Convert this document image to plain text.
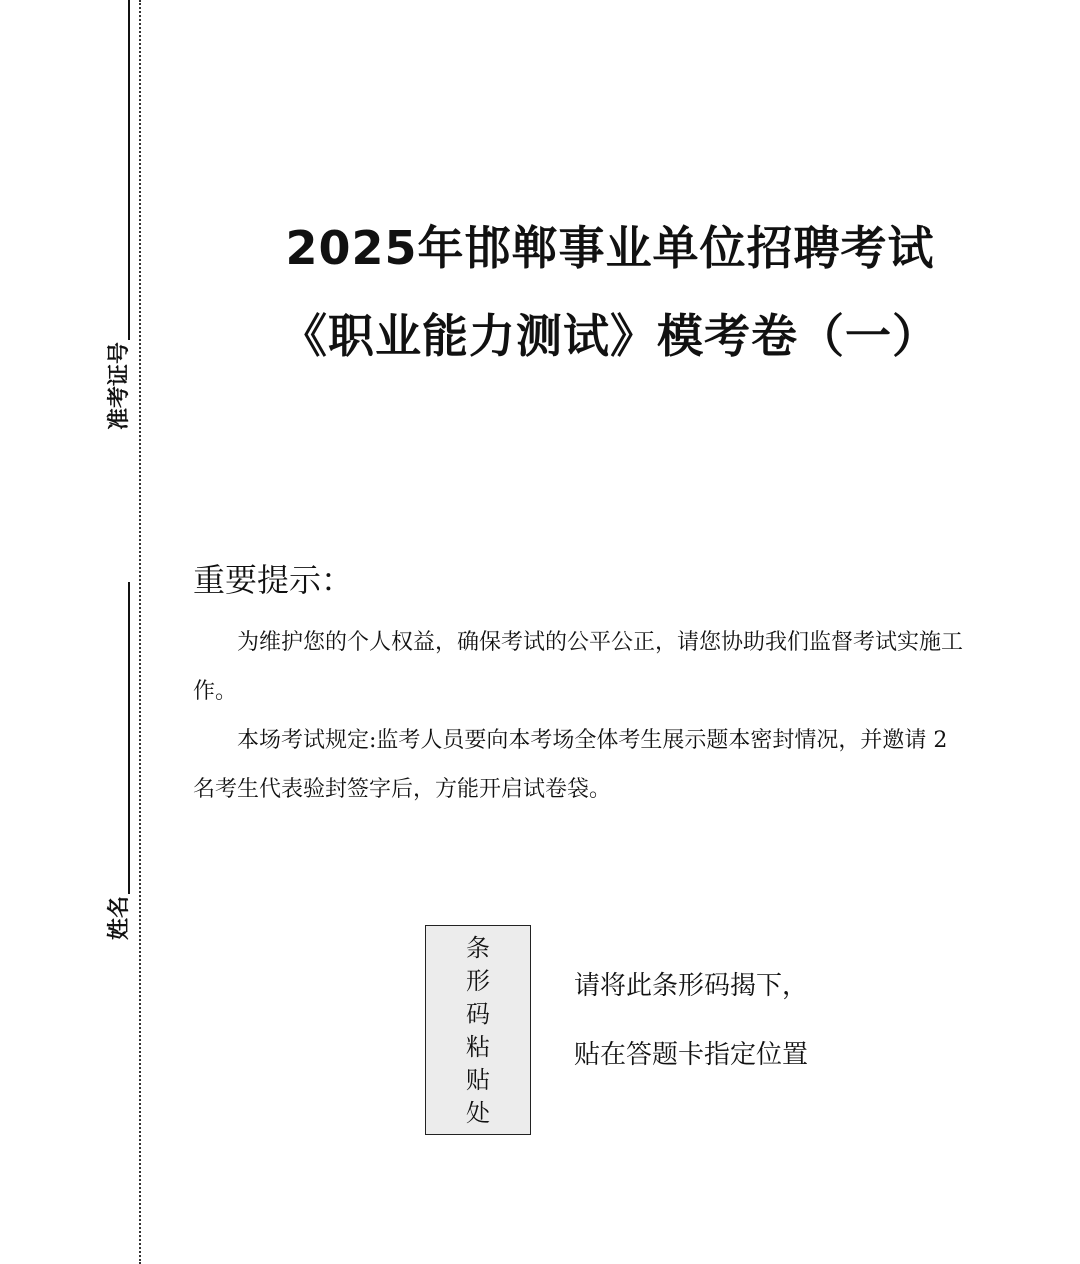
准考证号
姓名
2025年邯郸事业单位招聘考试
《职业能力测试》模考卷（一）
重要提示：

为维护您的个人权益，确保考试的公平公正，请您协助我们监督考试实施工作。

本场考试规定:监考人员要向本考场全体考生展示题本密封情况，并邀请 2 名考生代表验封签字后，方能开启试卷袋。

条
形
码
粘
贴
处
请将此条形码揭下，
贴在答题卡指定位置
